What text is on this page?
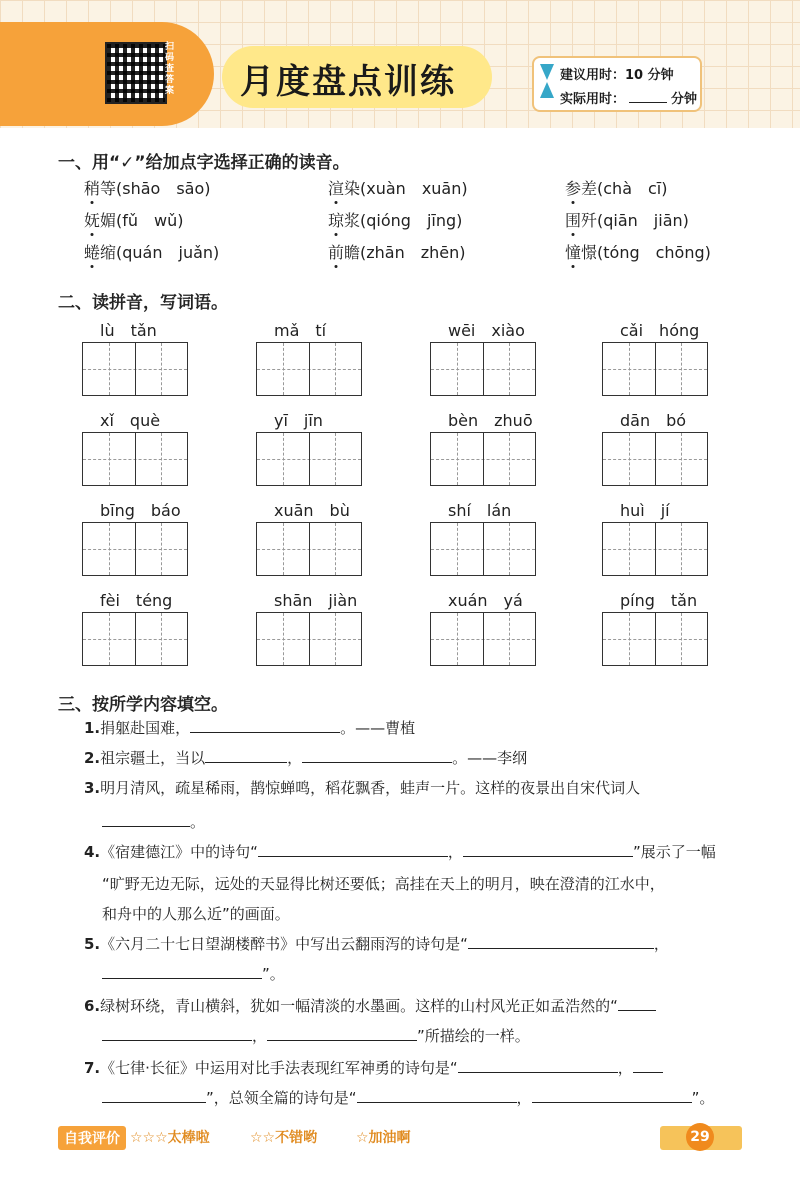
扫码查答案 月度盘点训练	建议用时：10 分钟
实际用时：	分钟
一、用“✓”给加点字选择正确的读音。
稍等(shāo　sāo)	渲染(xuàn　xuān)	参差(chà　cī)
妩媚(fǔ　wǔ)	琼浆(qióng　jīng)	围歼(qiān　jiān)
蜷缩(quán　juǎn)	前瞻(zhān　zhēn)	憧憬(tóng　chōng)
二、读拼音，写词语。
lù　tǎn	mǎ　tí	wēi　xiào	cǎi　hóng
xǐ　què	yī　jīn	bèn　zhuō	dān　bó
bīng　báo	xuān　bù	shí　lán	huì　jí
fèi　téng	shān　jiàn	xuán　yá	píng　tǎn
三、按所学内容填空。
1.捐躯赴国难，	。——曹植
2.祖宗疆土，当以	，	。——李纲
3.明月清风，疏星稀雨，鹊惊蝉鸣，稻花飘香，蛙声一片。这样的夜景出自宋代词人
。
4.《宿建德江》中的诗句“	，	”展示了一幅
“旷野无边无际，远处的天显得比树还要低；高挂在天上的明月，映在澄清的江水中，
和舟中的人那么近”的画面。
5.《六月二十七日望湖楼醉书》中写出云翻雨泻的诗句是“	，
”。
6.绿树环绕，青山横斜，犹如一幅清淡的水墨画。这样的山村风光正如孟浩然的“
，	”所描绘的一样。
7.《七律·长征》中运用对比手法表现红军神勇的诗句是“	，
”，总领全篇的诗句是“	，	”。
自我评价 ☆☆☆太棒啦	☆☆不错哟	☆加油啊	29
